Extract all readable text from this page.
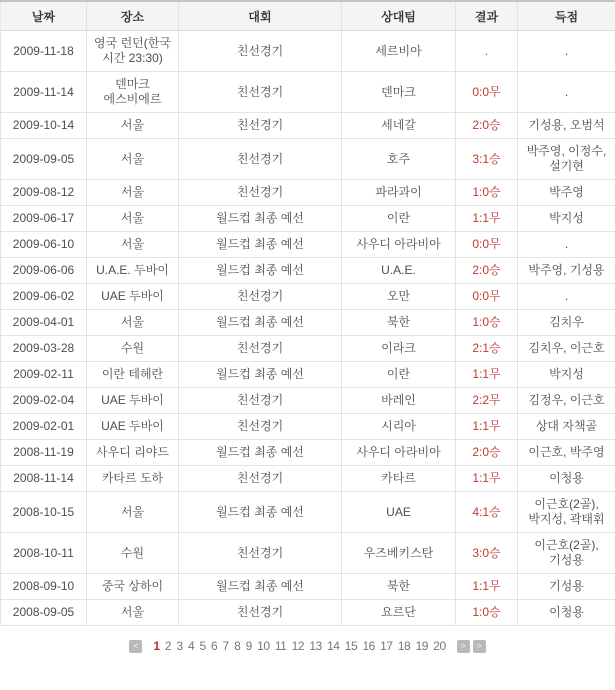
날짜	장소	대회	상대팀	결과	득점
2009-11-18	영국 런던(한국 시간 23:30)	친선경기	세르비아	.	.
2009-11-14	덴마크 에스비에르	친선경기	덴마크	0:0무	.
2009-10-14	서울	친선경기	세네갈	2:0승	기성용, 오범석
2009-09-05	서울	친선경기	호주	3:1승	박주영, 이정수, 설기현
2009-08-12	서울	친선경기	파라과이	1:0승	박주영
2009-06-17	서울	월드컵 최종 예선	이란	1:1무	박지성
2009-06-10	서울	월드컵 최종 예선	사우디 아라비아	0:0무	.
2009-06-06	U.A.E. 두바이	월드컵 최종 예선	U.A.E.	2:0승	박주영, 기성용
2009-06-02	UAE 두바이	친선경기	오만	0:0무	.
2009-04-01	서울	월드컵 최종 예선	북한	1:0승	김치우
2009-03-28	수원	친선경기	이라크	2:1승	김치우, 이근호
2009-02-11	이란 테헤란	월드컵 최종 예선	이란	1:1무	박지성
2009-02-04	UAE 두바이	친선경기	바레인	2:2무	김정우, 이근호
2009-02-01	UAE 두바이	친선경기	시리아	1:1무	상대 자책골
2008-11-19	사우디 리야드	월드컵 최종 예선	사우디 아라비아	2:0승	이근호, 박주영
2008-11-14	카타르 도하	친선경기	카타르	1:1무	이청용
2008-10-15	서울	월드컵 최종 예선	UAE	4:1승	이근호(2골), 박지성, 곽태휘
2008-10-11	수원	친선경기	우즈베키스탄	3:0승	이근호(2골), 기성용
2008-09-10	중국 상하이	월드컵 최종 예선	북한	1:1무	기성용
2008-09-05	서울	친선경기	요르단	1:0승	이청용
<	1 2 3 4 5 6 7 8 9 10 11 12 13 14 15 16 17 18 19 20	>	>
